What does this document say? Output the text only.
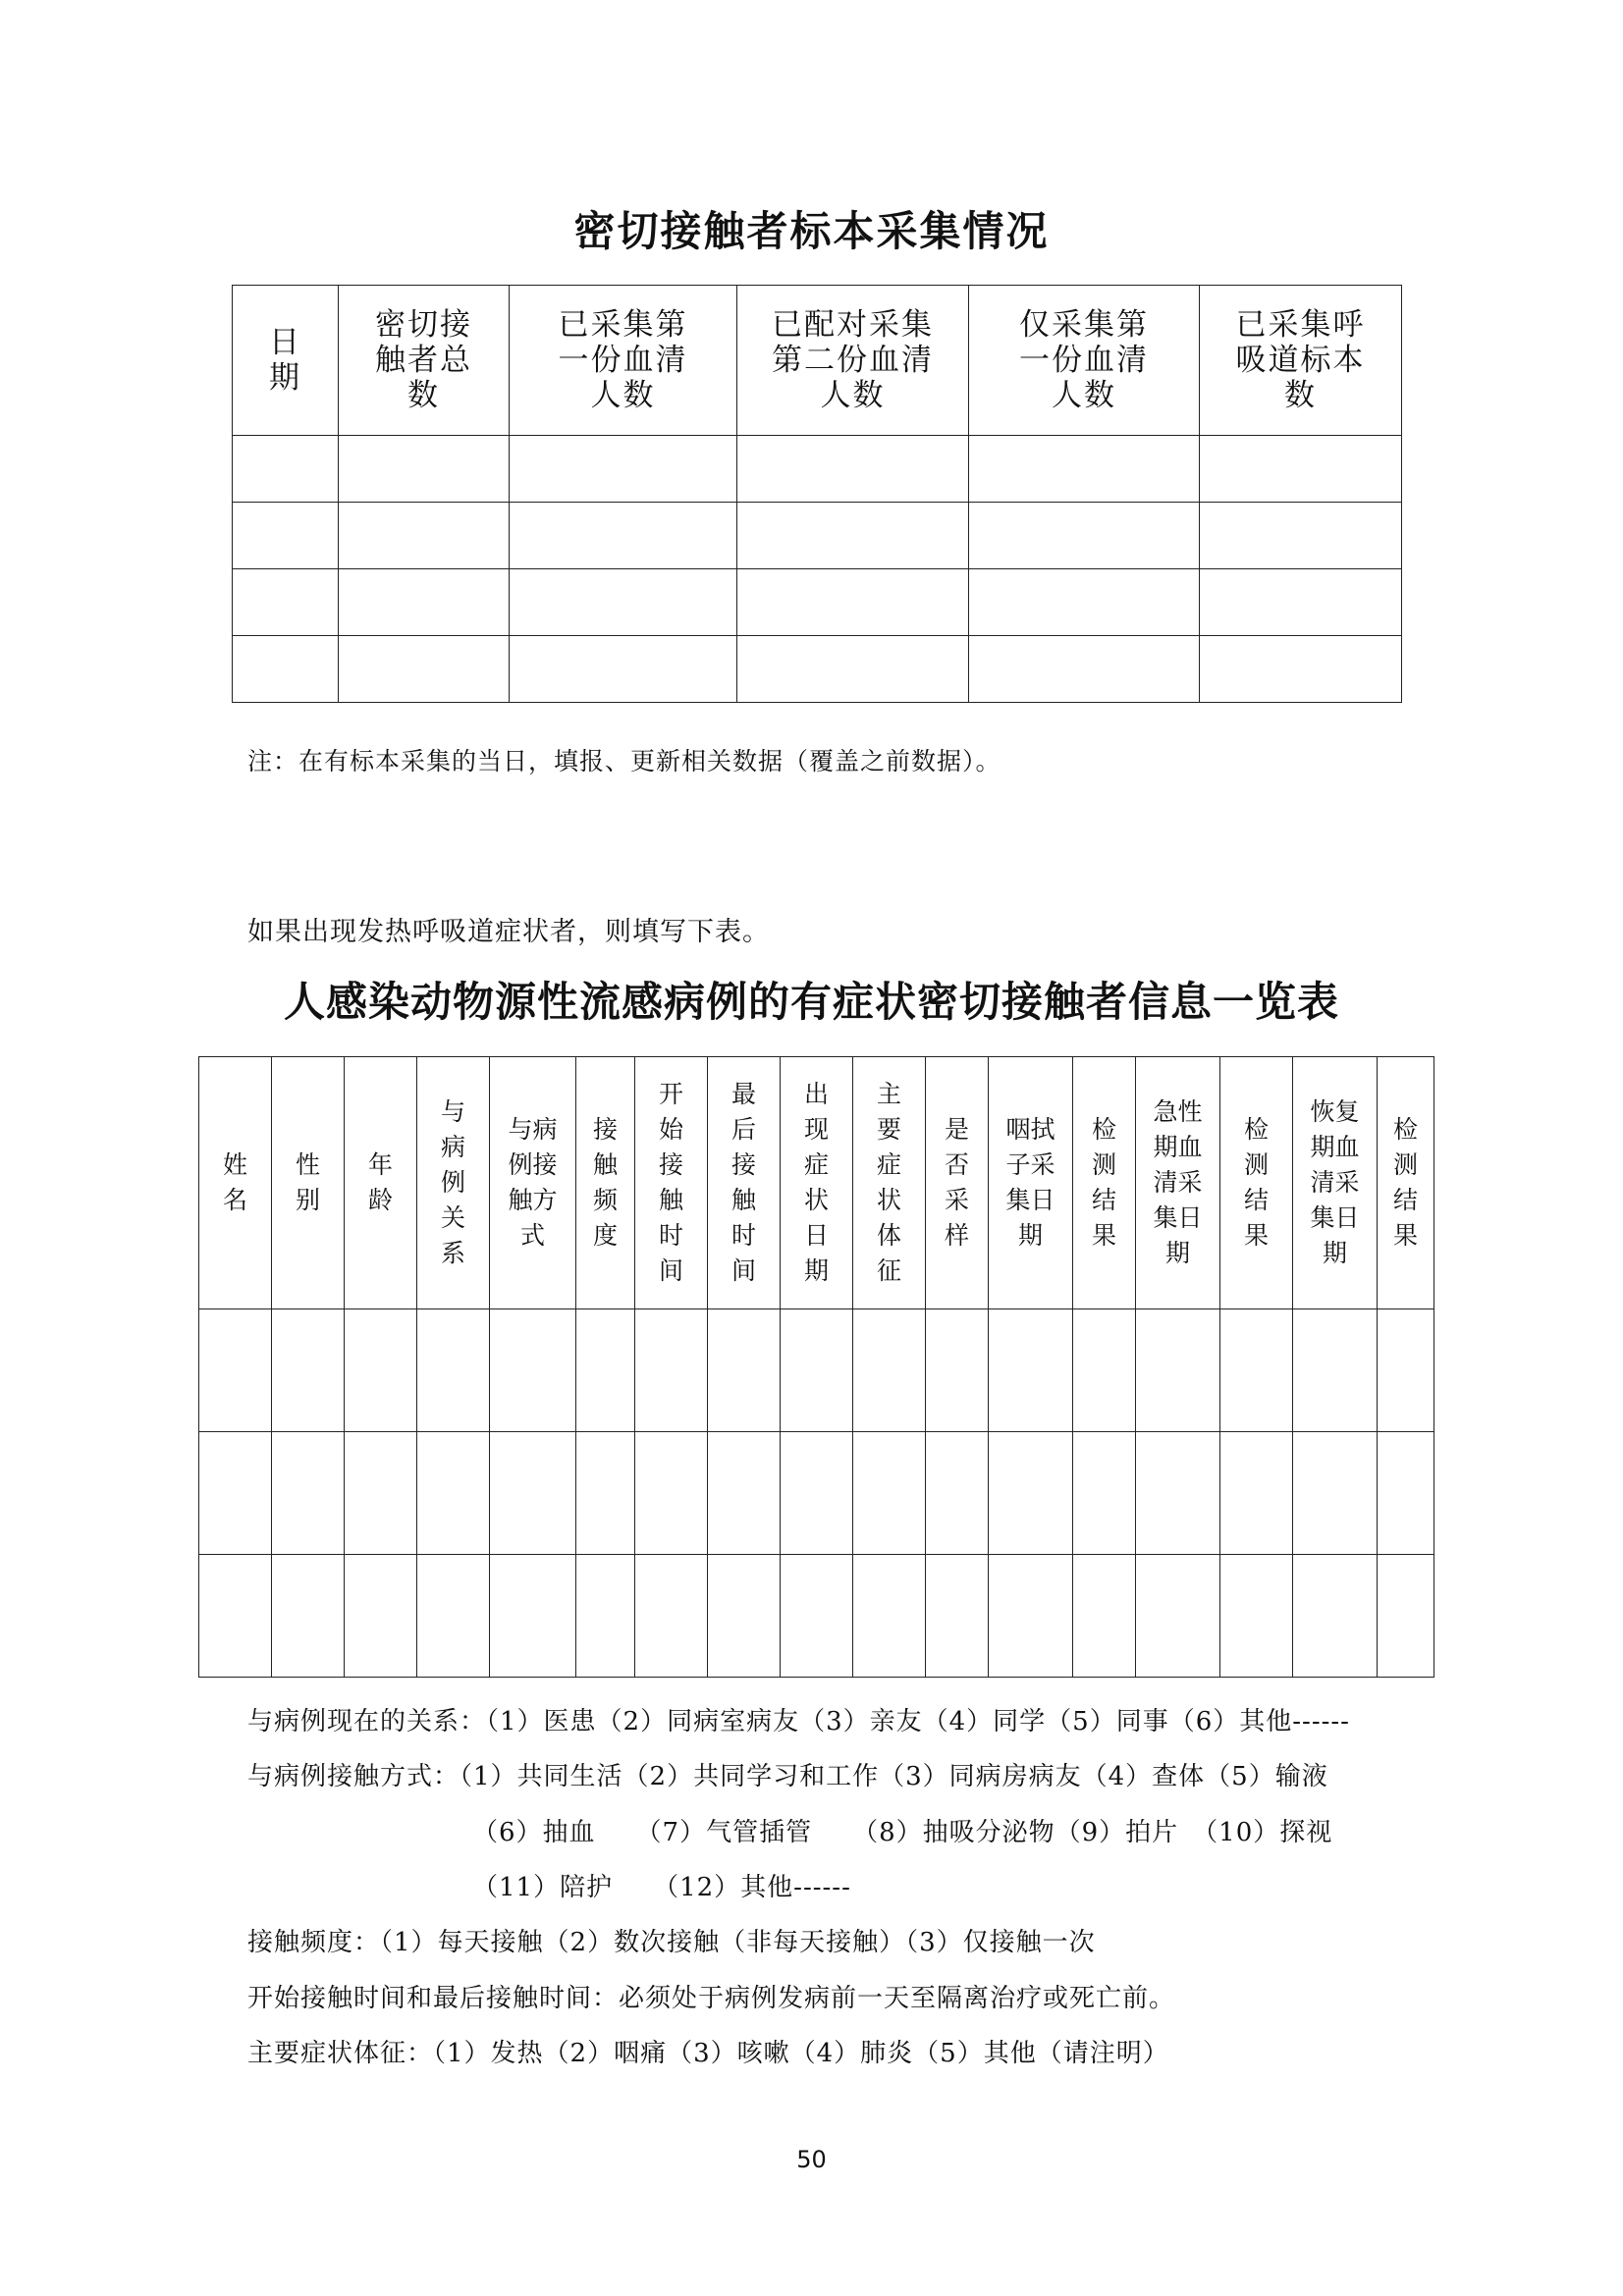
密切接触者标本采集情况
日期	密切接触者总数	已采集第一份血清人数	已配对采集第二份血清人数	仅采集第一份血清人数	已采集呼吸道标本数

注：在有标本采集的当日，填报、更新相关数据（覆盖之前数据）。
如果出现发热呼吸道症状者，则填写下表。
人感染动物源性流感病例的有症状密切接触者信息一览表
姓名	性别	年龄	与病例关系	与病例接触方式	接触频度	开始接触时间	最后接触时间	出现症状日期	主要症状体征	是否采样	咽拭子采集日期	检测结果	急性期血清采集日期	检测结果	恢复期血清采集日期	检测结果

与病例现在的关系：（1）医患（2）同病室病友（3）亲友（4）同学（5）同事（6）其他------
与病例接触方式：（1）共同生活（2）共同学习和工作（3）同病房病友（4）查体（5）输液
（6）抽血　　（7）气管插管　　（8）抽吸分泌物（9）拍片　（10）探视
（11）陪护　　（12）其他------
接触频度：（1）每天接触（2）数次接触（非每天接触）（3）仅接触一次
开始接触时间和最后接触时间：必须处于病例发病前一天至隔离治疗或死亡前。
主要症状体征：（1）发热（2）咽痛（3）咳嗽（4）肺炎（5）其他（请注明）
50
